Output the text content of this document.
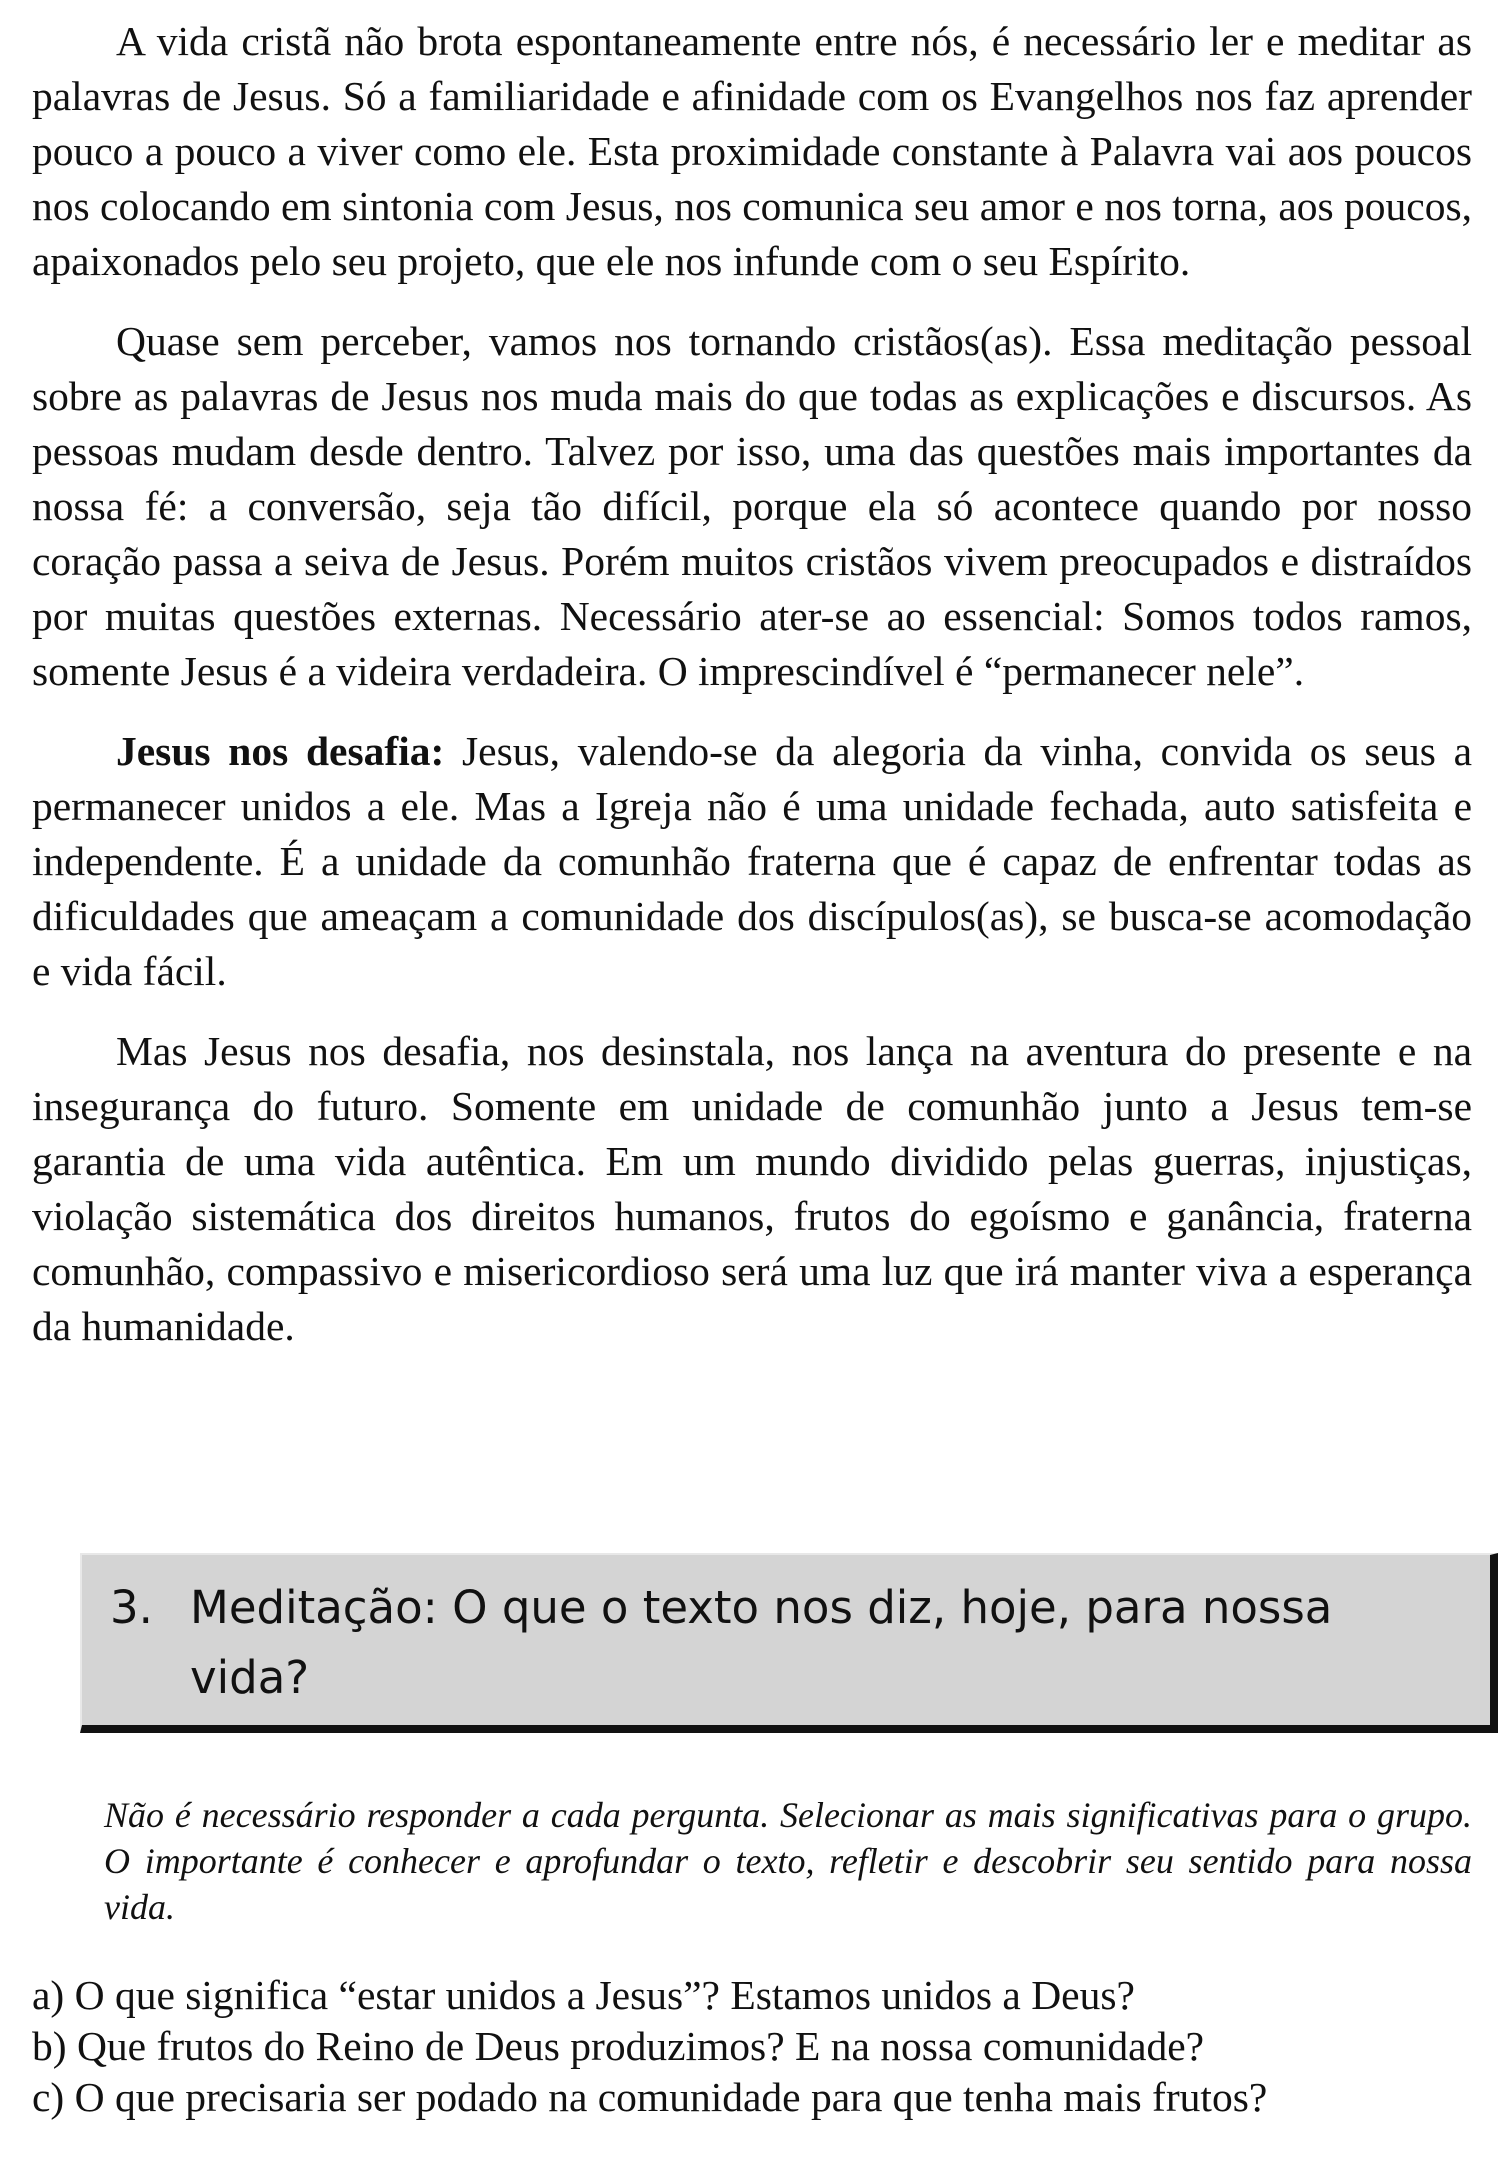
A vida cristã não brota espontaneamente entre nós, é necessário ler e meditar as palavras de Jesus. Só a familiaridade e afinidade com os Evangelhos nos faz aprender pouco a pouco a viver como ele. Esta proximidade constante à Palavra vai aos poucos nos colocando em sintonia com Jesus, nos comunica seu amor e nos torna, aos poucos, apaixonados pelo seu projeto, que ele nos infunde com o seu Espírito.

Quase sem perceber, vamos nos tornando cristãos(as). Essa meditação pessoal sobre as palavras de Jesus nos muda mais do que todas as explicações e discursos. As pessoas mudam desde dentro. Talvez por isso, uma das questões mais importantes da nossa fé: a conversão, seja tão difícil, porque ela só acontece quando por nosso coração passa a seiva de Jesus. Porém muitos cristãos vivem preocupados e distraídos por muitas questões externas. Necessário ater-se ao essencial: Somos todos ramos, somente Jesus é a videira verdadeira. O imprescindível é “permanecer nele”.

Jesus nos desafia: Jesus, valendo-se da alegoria da vinha, convida os seus a permanecer unidos a ele. Mas a Igreja não é uma unidade fechada, auto satisfeita e independente. É a unidade da comunhão fraterna que é capaz de enfrentar todas as dificuldades que ameaçam a comunidade dos discípulos(as), se busca-se acomodação e vida fácil.

Mas Jesus nos desafia, nos desinstala, nos lança na aventura do presente e na insegurança do futuro. Somente em unidade de comunhão junto a Jesus tem-se garantia de uma vida autêntica. Em um mundo dividido pelas guerras, injustiças, violação sistemática dos direitos humanos, frutos do egoísmo e ganância, fraterna comunhão, compassivo e misericordioso será uma luz que irá manter viva a esperança da humanidade.

3. Meditação: O que o texto nos diz, hoje, para nossa vida?

Não é necessário responder a cada pergunta. Selecionar as mais significativas para o grupo. O importante é conhecer e aprofundar o texto, refletir e descobrir seu sentido para nossa vida.

a) O que significa “estar unidos a Jesus”? Estamos unidos a Deus?
b) Que frutos do Reino de Deus produzimos? E na nossa comunidade?
c) O que precisaria ser podado na comunidade para que tenha mais frutos?
